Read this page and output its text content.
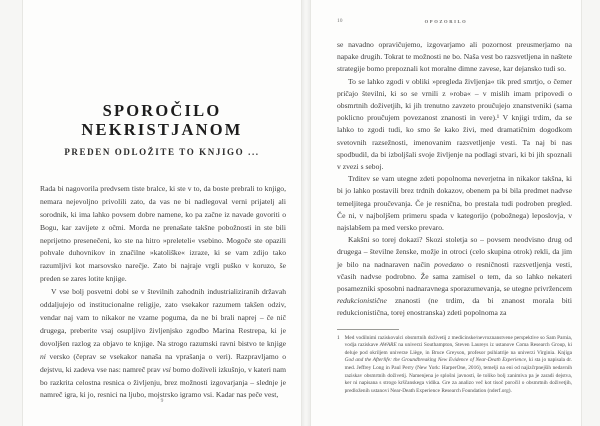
SPOROČILO NEKRISTJANOM
PREDEN ODLOŽITE TO KNJIGO ...

Rada bi nagovorila predvsem tiste bralce, ki ste v to, da boste prebrali to knjigo, nemara nejevoljno privolili zato, da vas ne bi nadlegoval verni prijatelj ali sorodnik, ki ima lahko povsem dobre namene, ko pa začne iz navade govoriti o Bogu, kar zavijete z očmi. Morda ne prenašate takšne pobožnosti in ste bili neprijetno presenečeni, ko ste na hitro »preleteli« vsebino. Mogoče ste opazili pohvale duhovnikov in značilne »katoliške« izraze, ki se vam zdijo tako razumljivi kot marsovsko narečje. Zato bi najraje vrgli puško v koruzo, še preden se zares lotite knjige.

V vse bolj posvetni dobi se v številnih zahodnih industrializiranih državah oddaljujejo od institucionalne religije, zato vsekakor razumem takšen odziv, vendar naj vam to nikakor ne vzame poguma, da ne bi brali naprej – če nič drugega, preberite vsaj osupljivo življenjsko zgodbo Marina Restrepa, ki je dovoljšen razlog za objavo te knjige. Na strogo razumski ravni bistvo te knjige ni versko (čeprav se vsekakor nanaša na vprašanja o veri). Razpravljamo o dejstvu, ki zadeva vse nas: namreč prav vsi bomo doživeli izkušnjo, v kateri nam bo razkrita celostna resnica o življenju, brez možnosti izgovarjanja – slednje je namreč igra, ki jo, resnici na ljubo, mojstrsko igramo vsi. Kadar nas peče vest,

9
10	OPOZORILO

se navadno opravičujemo, izgovarjamo ali pozornost preusmerjamo na napake drugih. Tokrat te možnosti ne bo. Naša vest bo razsvetljena in naštete strategije bomo prepoznali kot moralne dimne zavese, kar dejansko tudi so.

To se lahko zgodi v obliki »pregleda življenja« tik pred smrtjo, o čemer pričajo številni, ki so se vrnili z »roba« – v mislih imam pripovedi o obsmrtnih doživetjih, ki jih trenutno zavzeto proučujejo znanstveniki (sama poklicno proučujem povezanost znanosti in vere).¹ V knjigi trdim, da se lahko to zgodi tudi, ko smo še kako živi, med dramatičnim dogodkom svetovnih razsežnosti, imenovanim razsvetljenje vesti. Ta naj bi nas spodbudil, da bi izboljšali svoje življenje na podlagi stvari, ki bi jih spoznali v zvezi s seboj.

Trditev se vam utegne zdeti popolnoma neverjetna in nikakor takšna, ki bi jo lahko postavili brez trdnih dokazov, obenem pa bi bila predmet nadvse temeljitega proučevanja. Če je resnična, bo prestala tudi podroben pregled. Če ni, v najboljšem primeru spada v kategorijo (pobožnega) leposlovja, v najslabšem pa med versko prevaro.

Kakšni so torej dokazi? Skozi stoletja so – povsem neodvisno drug od drugega – številne ženske, možje in otroci (celo skupina otrok) rekli, da jim je bilo na nadnaraven način povedano o resničnosti razsvetljenja vesti, včasih nadvse podrobno. Že sama zamisel o tem, da so lahko nekateri posamezniki sposobni nadnaravnega sporazumevanja, se utegne privržencem redukcionistične znanosti (ne trdim, da bi znanost morala biti redukcionistična, torej enostranska) zdeti popolnoma za

1 Med vodilnimi raziskovalci obsmrtnih doživetij z medicinske/nevroznanstvene perspektive so Sam Parnia, vodja raziskave AWARE na univerzi Southampton, Steven Laureys iz ustanove Coma Research Group, ki deluje pod okriljem univerze Liège, in Bruce Greyson, profesor psihiatrije na univerzi Virginia. Knjiga God and the Afterlife: the Groundbreaking New Evidence of Near-Death Experience, ki sta jo napisala dr. med. Jeffrey Long in Paul Perry (New York: HarperOne, 2016), temelji na eni od najizčrpnejših nedavnih raziskav obsmrtnih doživetij. Namenjena je splošni javnosti, še toliko bolj zanimiva pa je zaradi dejstva, ker ni napisana s strogo krščanskega vidika. Gre za analizo več kot tisoč poročil o obsmrtnih doživetjih, predloženih ustanovi Near-Death Experience Research Foundation (nderf.org).
